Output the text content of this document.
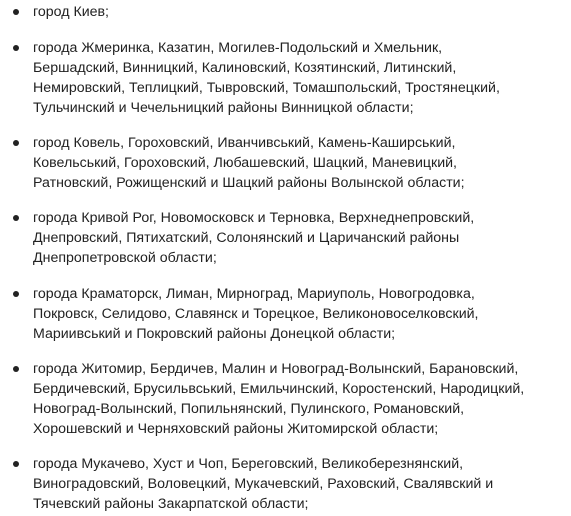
город Киев;
города Жмеринка, Казатин, Могилев-Подольский и Хмельник,
Бершадский, Винницкий, Калиновский, Козятинский, Литинский,
Немировский, Теплицкий, Тывровский, Томашпольский, Тростянецкий,
Тульчинский и Чечельницкий районы Винницкой области;
город Ковель, Гороховский, Иванчивський, Камень-Каширський,
Ковельський, Гороховский, Любашевский, Шацкий, Маневицкий,
Ратновский, Рожищенский и Шацкий районы Волынской области;
города Кривой Рог, Новомосковск и Терновка, Верхнеднепровский,
Днепровский, Пятихатский, Солонянский и Царичанский районы
Днепропетровской области;
города Краматорск, Лиман, Мирноград, Мариуполь, Новогродовка,
Покровск, Селидово, Славянск и Торецкое, Великоновоселковский,
Мариивський и Покровский районы Донецкой области;
города Житомир, Бердичев, Малин и Новоград-Волынский, Барановский,
Бердичевский, Брусильвський, Емильчинский, Коростенский, Народицкий,
Новоград-Волынский, Попильнянский, Пулинского, Романовский,
Хорошевский и Черняховский районы Житомирской области;
города Мукачево, Хуст и Чоп, Береговский, Великоберезнянский,
Виноградовский, Воловецкий, Мукачевский, Раховский, Свалявский и
Тячевский районы Закарпатской области;
